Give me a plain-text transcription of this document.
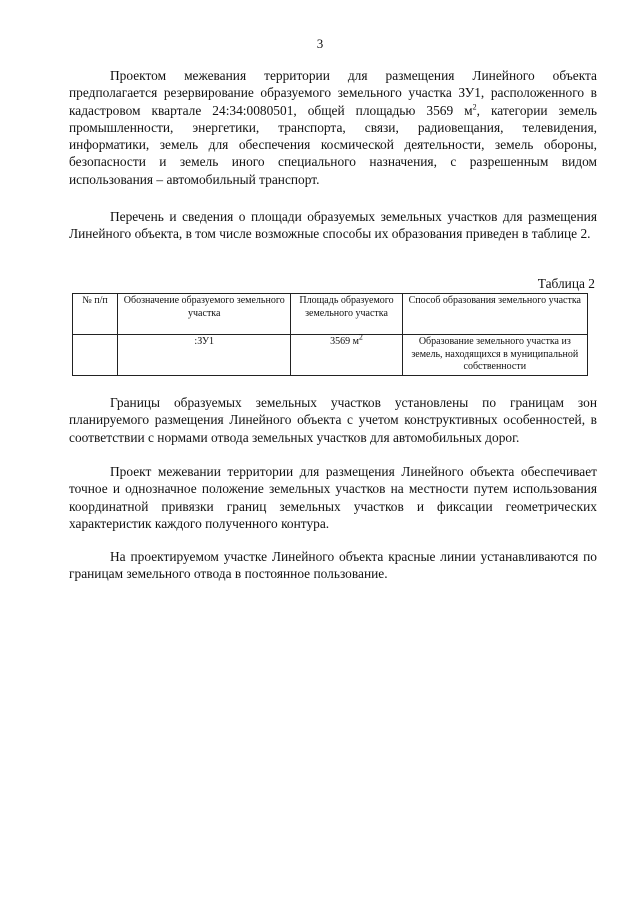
3

Проектом межевания территории для размещения Линейного объекта предполагается резервирование образуемого земельного участка ЗУ1, расположенного в кадастровом квартале 24:34:0080501, общей площадью 3569 $м^2$, категории земель промышленности, энергетики, транспорта, связи, радиовещания, телевидения, информатики, земель для обеспечения космической деятельности, земель обороны, безопасности и земель иного специального назначения, с разрешенным видом использования – автомобильный транспорт.

Перечень и сведения о площади образуемых земельных участков для размещения Линейного объекта, в том числе возможные способы их образования приведен в таблице 2.

Таблица 2
№ п/п	Обозначение образуемого земельного участка	Площадь образуемого земельного участка	Способ образования земельного участка
	:ЗУ1	3569 $м^2$	Образование земельного участка из земель, находящихся в муниципальной собственности

Границы образуемых земельных участков установлены по границам зон планируемого размещения Линейного объекта с учетом конструктивных особенностей, в соответствии с нормами отвода земельных участков для автомобильных дорог.

Проект межевании территории для размещения Линейного объекта обеспечивает точное и однозначное положение земельных участков на местности путем использования координатной привязки границ земельных участков и фиксации геометрических характеристик каждого полученного контура.

На проектируемом участке Линейного объекта красные линии устанавливаются по границам земельного отвода в постоянное пользование.
